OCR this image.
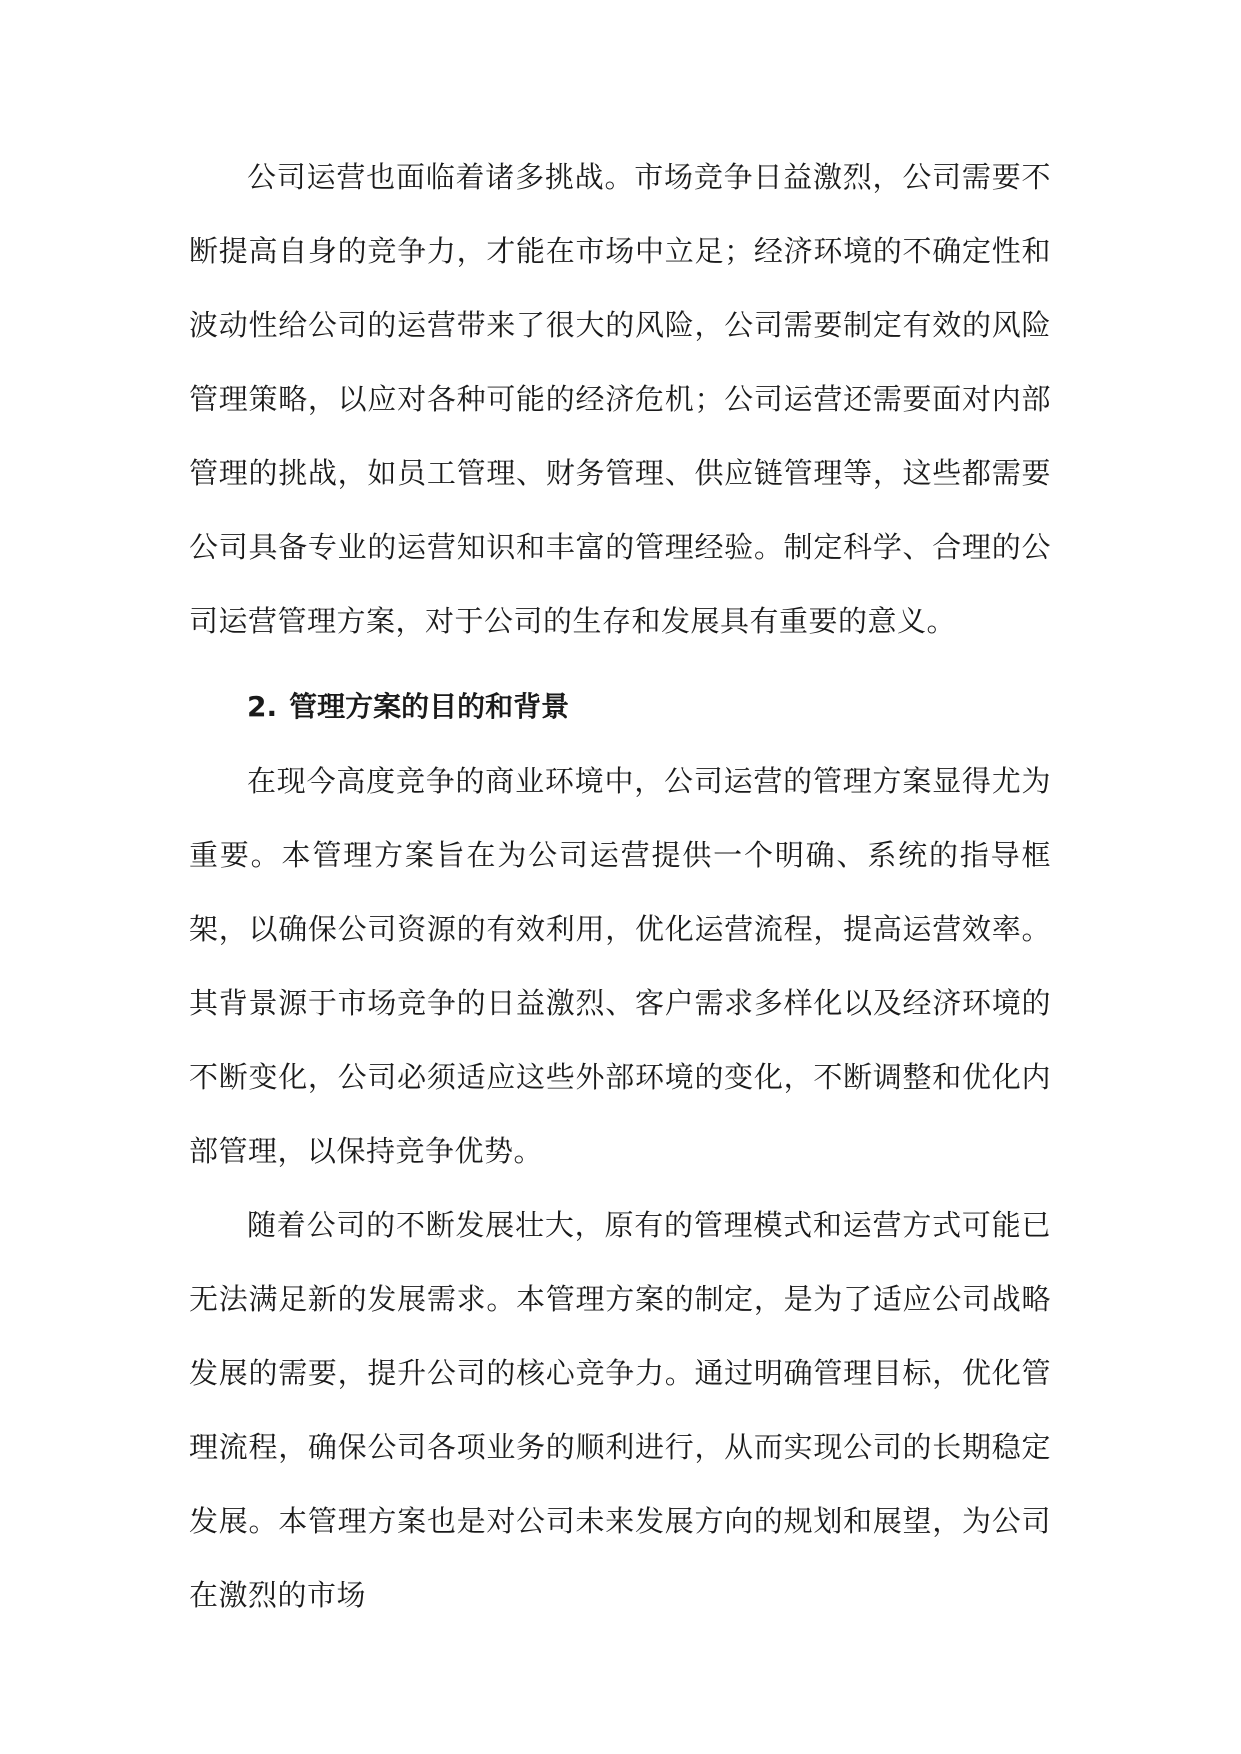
公司运营也面临着诸多挑战。市场竞争日益激烈，公司需要不断提高自身的竞争力，才能在市场中立足；经济环境的不确定性和波动性给公司的运营带来了很大的风险，公司需要制定有效的风险管理策略，以应对各种可能的经济危机；公司运营还需要面对内部管理的挑战，如员工管理、财务管理、供应链管理等，这些都需要公司具备专业的运营知识和丰富的管理经验。制定科学、合理的公司运营管理方案，对于公司的生存和发展具有重要的意义。

2. 管理方案的目的和背景

在现今高度竞争的商业环境中，公司运营的管理方案显得尤为重要。本管理方案旨在为公司运营提供一个明确、系统的指导框架，以确保公司资源的有效利用，优化运营流程，提高运营效率。其背景源于市场竞争的日益激烈、客户需求多样化以及经济环境的不断变化，公司必须适应这些外部环境的变化，不断调整和优化内部管理，以保持竞争优势。

随着公司的不断发展壮大，原有的管理模式和运营方式可能已无法满足新的发展需求。本管理方案的制定，是为了适应公司战略发展的需要，提升公司的核心竞争力。通过明确管理目标，优化管理流程，确保公司各项业务的顺利进行，从而实现公司的长期稳定发展。本管理方案也是对公司未来发展方向的规划和展望，为公司在激烈的市场
